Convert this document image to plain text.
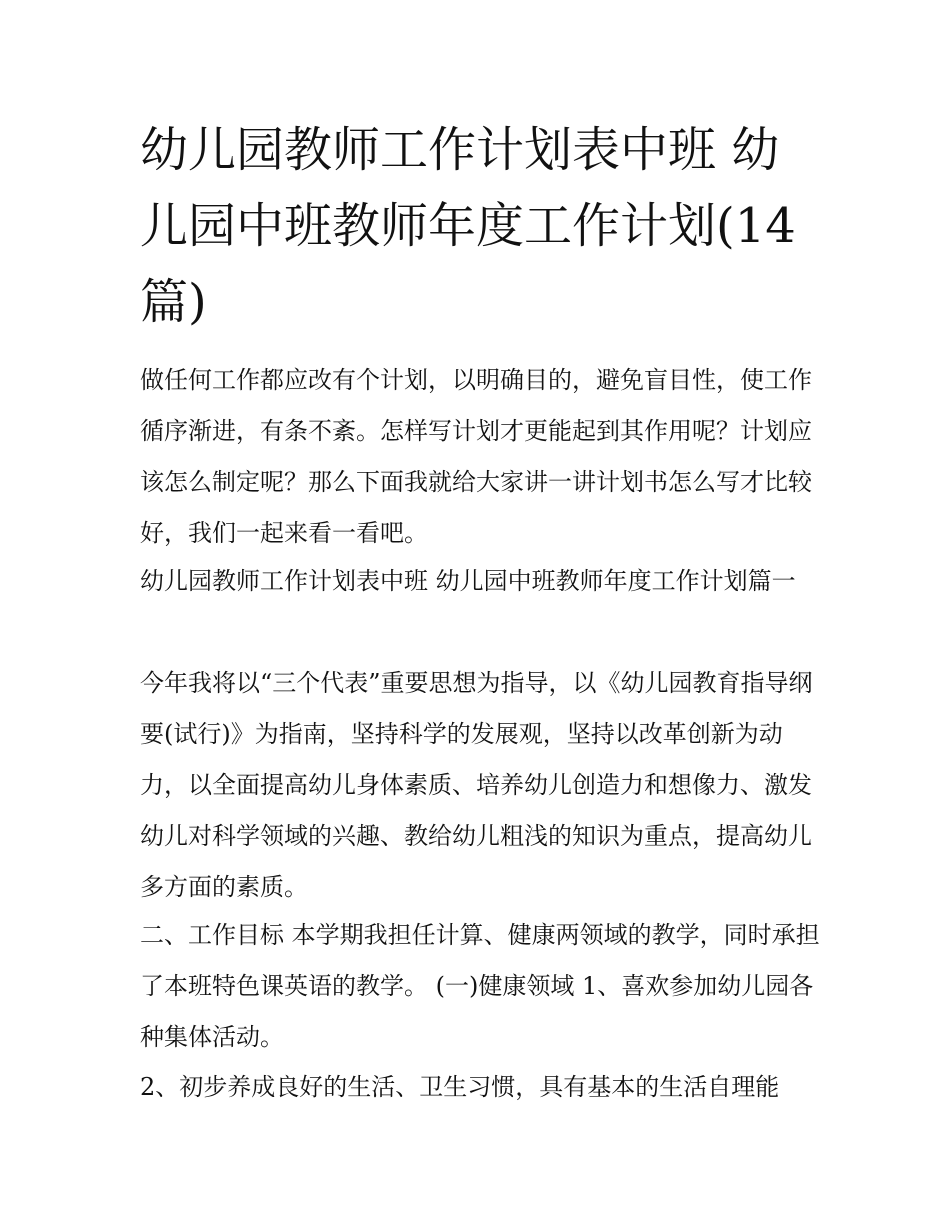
幼儿园教师工作计划表中班 幼儿园中班教师年度工作计划(14篇)

做任何工作都应改有个计划，以明确目的，避免盲目性，使工作循序渐进，有条不紊。怎样写计划才更能起到其作用呢？计划应该怎么制定呢？那么下面我就给大家讲一讲计划书怎么写才比较好，我们一起来看一看吧。

幼儿园教师工作计划表中班 幼儿园中班教师年度工作计划篇一

今年我将以“三个代表”重要思想为指导，以《幼儿园教育指导纲要(试行)》为指南，坚持科学的发展观，坚持以改革创新为动力，以全面提高幼儿身体素质、培养幼儿创造力和想像力、激发幼儿对科学领域的兴趣、教给幼儿粗浅的知识为重点，提高幼儿多方面的素质。

二、工作目标 本学期我担任计算、健康两领域的教学，同时承担了本班特色课英语的教学。 (一)健康领域 1、喜欢参加幼儿园各种集体活动。

2、初步养成良好的生活、卫生习惯，具有基本的生活自理能
